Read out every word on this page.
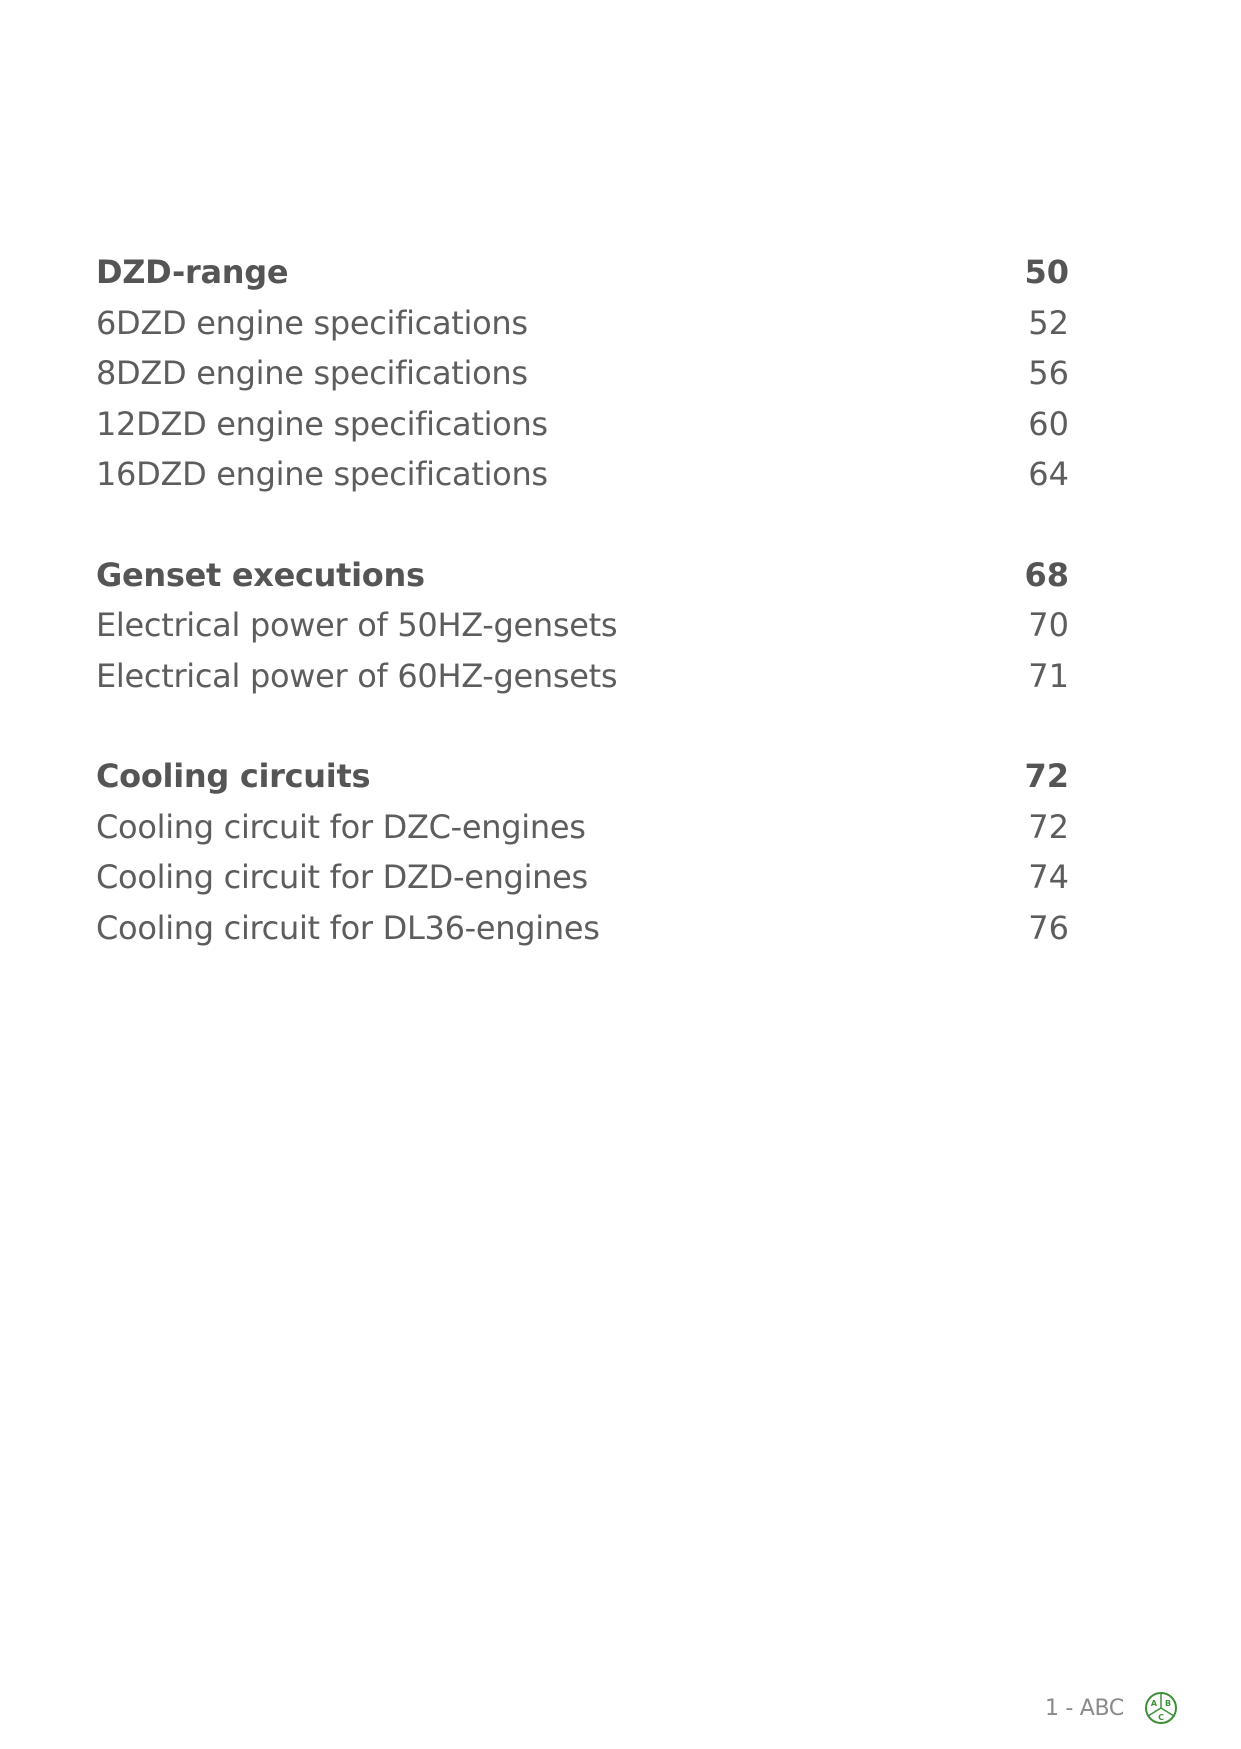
DZD-range	50
6DZD engine specifications	52
8DZD engine specifications	56
12DZD engine specifications	60
16DZD engine specifications	64
Genset executions	68
Electrical power of 50HZ-gensets	70
Electrical power of 60HZ-gensets	71
Cooling circuits	72
Cooling circuit for DZC-engines	72
Cooling circuit for DZD-engines	74
Cooling circuit for DL36-engines	76
1 - ABC	A B
C
